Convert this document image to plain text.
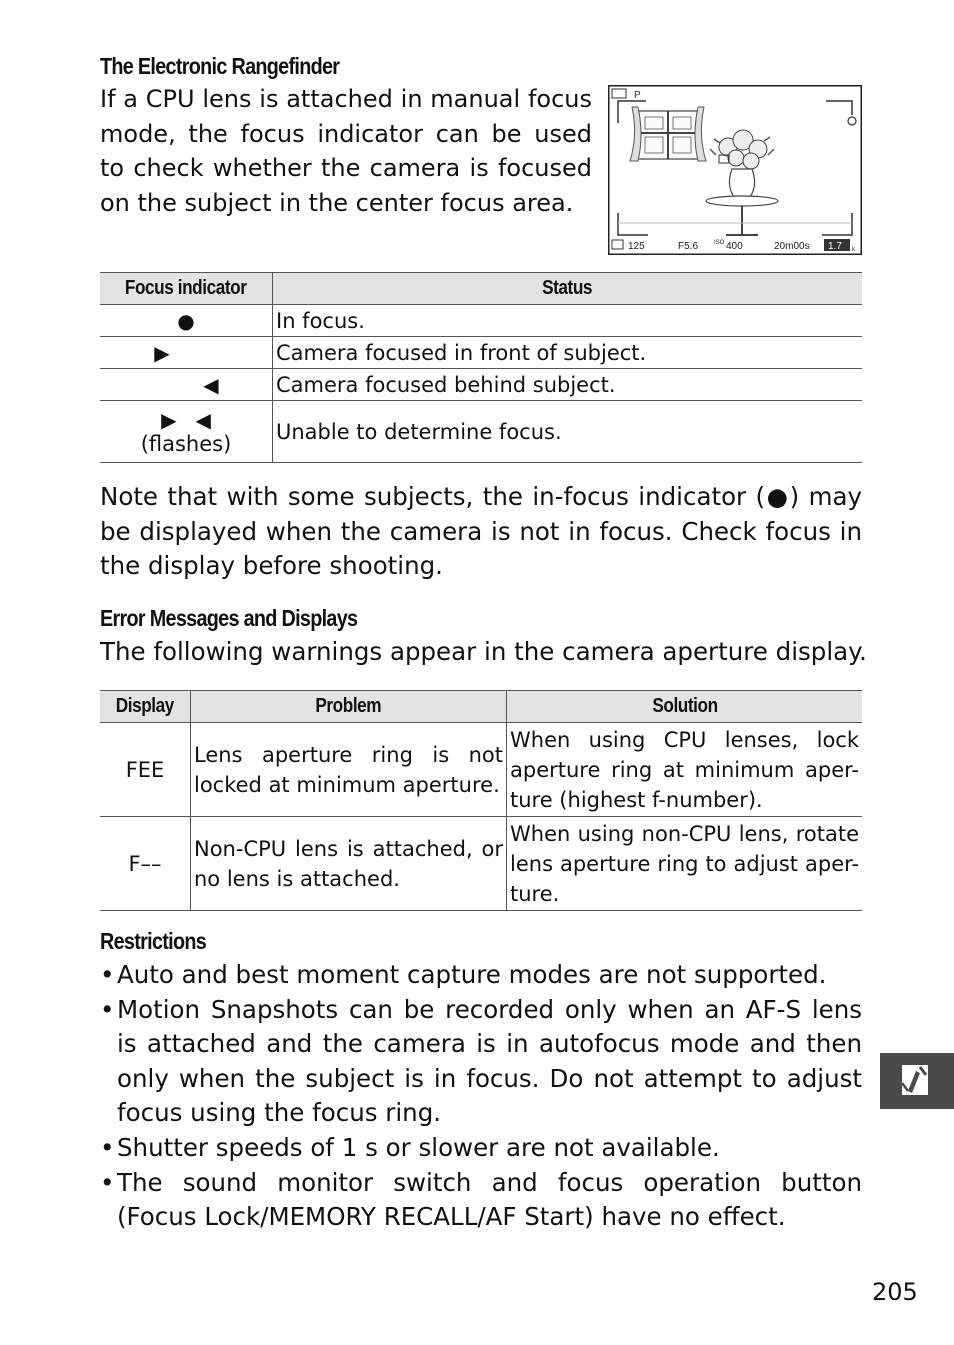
The Electronic Rangefinder

If a CPU lens is attached in manual focus mode, the focus indicator can be used to check whether the camera is focused on the subject in the center focus area.

P
125	F5.6	ISO 400	20m00s 1.7 k
Focus indicator	Status
●	In focus.
▶	Camera focused in front of subject.
◀	Camera focused behind subject.
▶   ◀
(flashes)	Unable to determine focus.

Note that with some subjects, the in-focus indicator (●) may be displayed when the camera is not in focus. Check focus in the display before shooting.

Error Messages and Displays

The following warnings appear in the camera aperture display.

Display	Problem	Solution
FEE	Lens aperture ring is not locked at minimum aperture.	When using CPU lenses, lock aperture ring at minimum aper-ture (highest f-number).
F––	Non-CPU lens is attached, or no lens is attached.	When using non-CPU lens, rotate lens aperture ring to adjust aper-ture.
Restrictions
• Auto and best moment capture modes are not supported.
• Motion Snapshots can be recorded only when an AF-S lens is attached and the camera is in autofocus mode and then only when the subject is in focus. Do not attempt to adjust focus using the focus ring.
• Shutter speeds of 1 s or slower are not available.
• The sound monitor switch and focus operation button (Focus Lock/MEMORY RECALL/AF Start) have no effect.
205
